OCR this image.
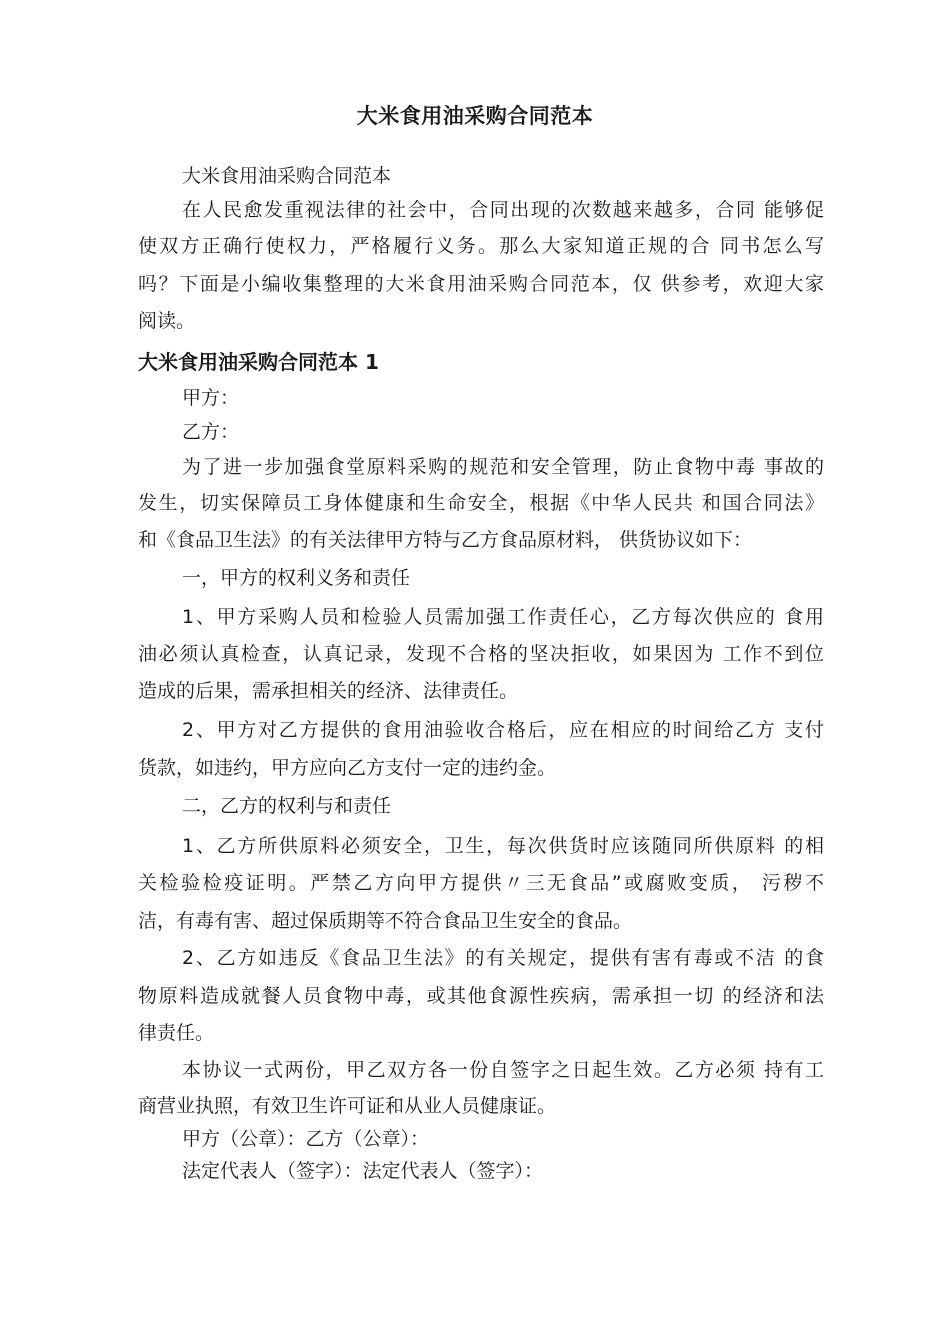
大米食用油采购合同范本
大米食用油采购合同范本
在人民愈发重视法律的社会中，合同出现的次数越来越多，合同 能够促
使双方正确行使权力，严格履行义务。那么大家知道正规的合 同书怎么写
吗？下面是小编收集整理的大米食用油采购合同范本，仅 供参考，欢迎大家
阅读。
大米食用油采购合同范本 1
甲方：
乙方：
为了进一步加强食堂原料采购的规范和安全管理，防止食物中毒 事故的
发生，切实保障员工身体健康和生命安全，根据《中华人民共 和国合同法》
和《食品卫生法》的有关法律甲方特与乙方食品原材料， 供货协议如下：
一，甲方的权利义务和责任
1、甲方采购人员和检验人员需加强工作责任心，乙方每次供应的 食用
油必须认真检查，认真记录，发现不合格的坚决拒收，如果因为 工作不到位
造成的后果，需承担相关的经济、法律责任。
2、甲方对乙方提供的食用油验收合格后，应在相应的时间给乙方 支付
货款，如违约，甲方应向乙方支付一定的违约金。
二，乙方的权利与和责任
1、乙方所供原料必须安全，卫生，每次供货时应该随同所供原料 的相
关检验检疫证明。严禁乙方向甲方提供〃三无食品”或腐败变质， 污秽不
洁，有毒有害、超过保质期等不符合食品卫生安全的食品。
2、乙方如违反《食品卫生法》的有关规定，提供有害有毒或不洁 的食
物原料造成就餐人员食物中毒，或其他食源性疾病，需承担一切 的经济和法
律责任。
本协议一式两份，甲乙双方各一份自签字之日起生效。乙方必须 持有工
商营业执照，有效卫生许可证和从业人员健康证。
甲方（公章）：乙方（公章）：
法定代表人（签字）：法定代表人（签字）：
